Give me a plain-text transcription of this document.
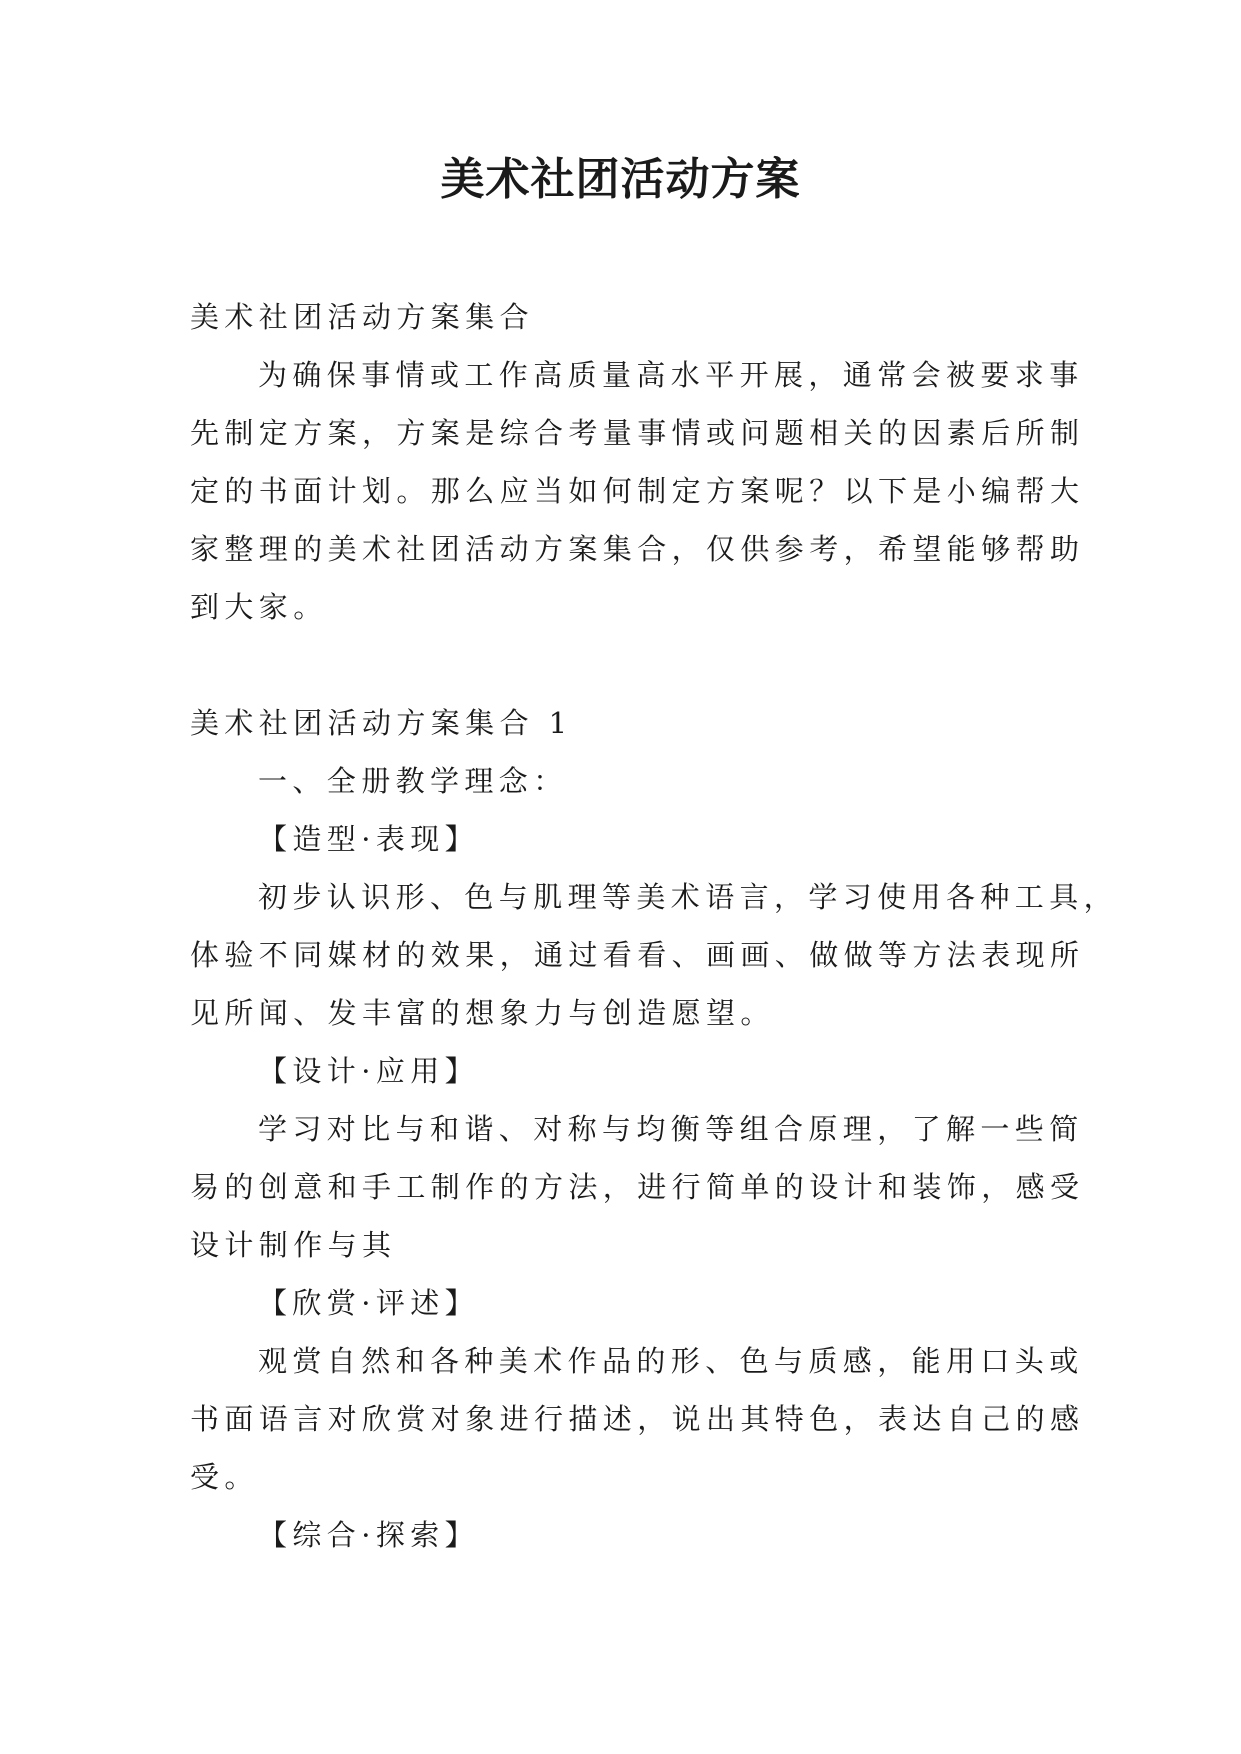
美术社团活动方案
美术社团活动方案集合
为确保事情或工作高质量高水平开展，通常会被要求事
先制定方案，方案是综合考量事情或问题相关的因素后所制
定的书面计划。那么应当如何制定方案呢？以下是小编帮大
家整理的美术社团活动方案集合，仅供参考，希望能够帮助
到大家。
美术社团活动方案集合 1
一、全册教学理念：
【造型·表现】
初步认识形、色与肌理等美术语言，学习使用各种工具，
体验不同媒材的效果，通过看看、画画、做做等方法表现所
见所闻、发丰富的想象力与创造愿望。
【设计·应用】
学习对比与和谐、对称与均衡等组合原理，了解一些简
易的创意和手工制作的方法，进行简单的设计和装饰，感受
设计制作与其
【欣赏·评述】
观赏自然和各种美术作品的形、色与质感，能用口头或
书面语言对欣赏对象进行描述，说出其特色，表达自己的感
受。
【综合·探索】
